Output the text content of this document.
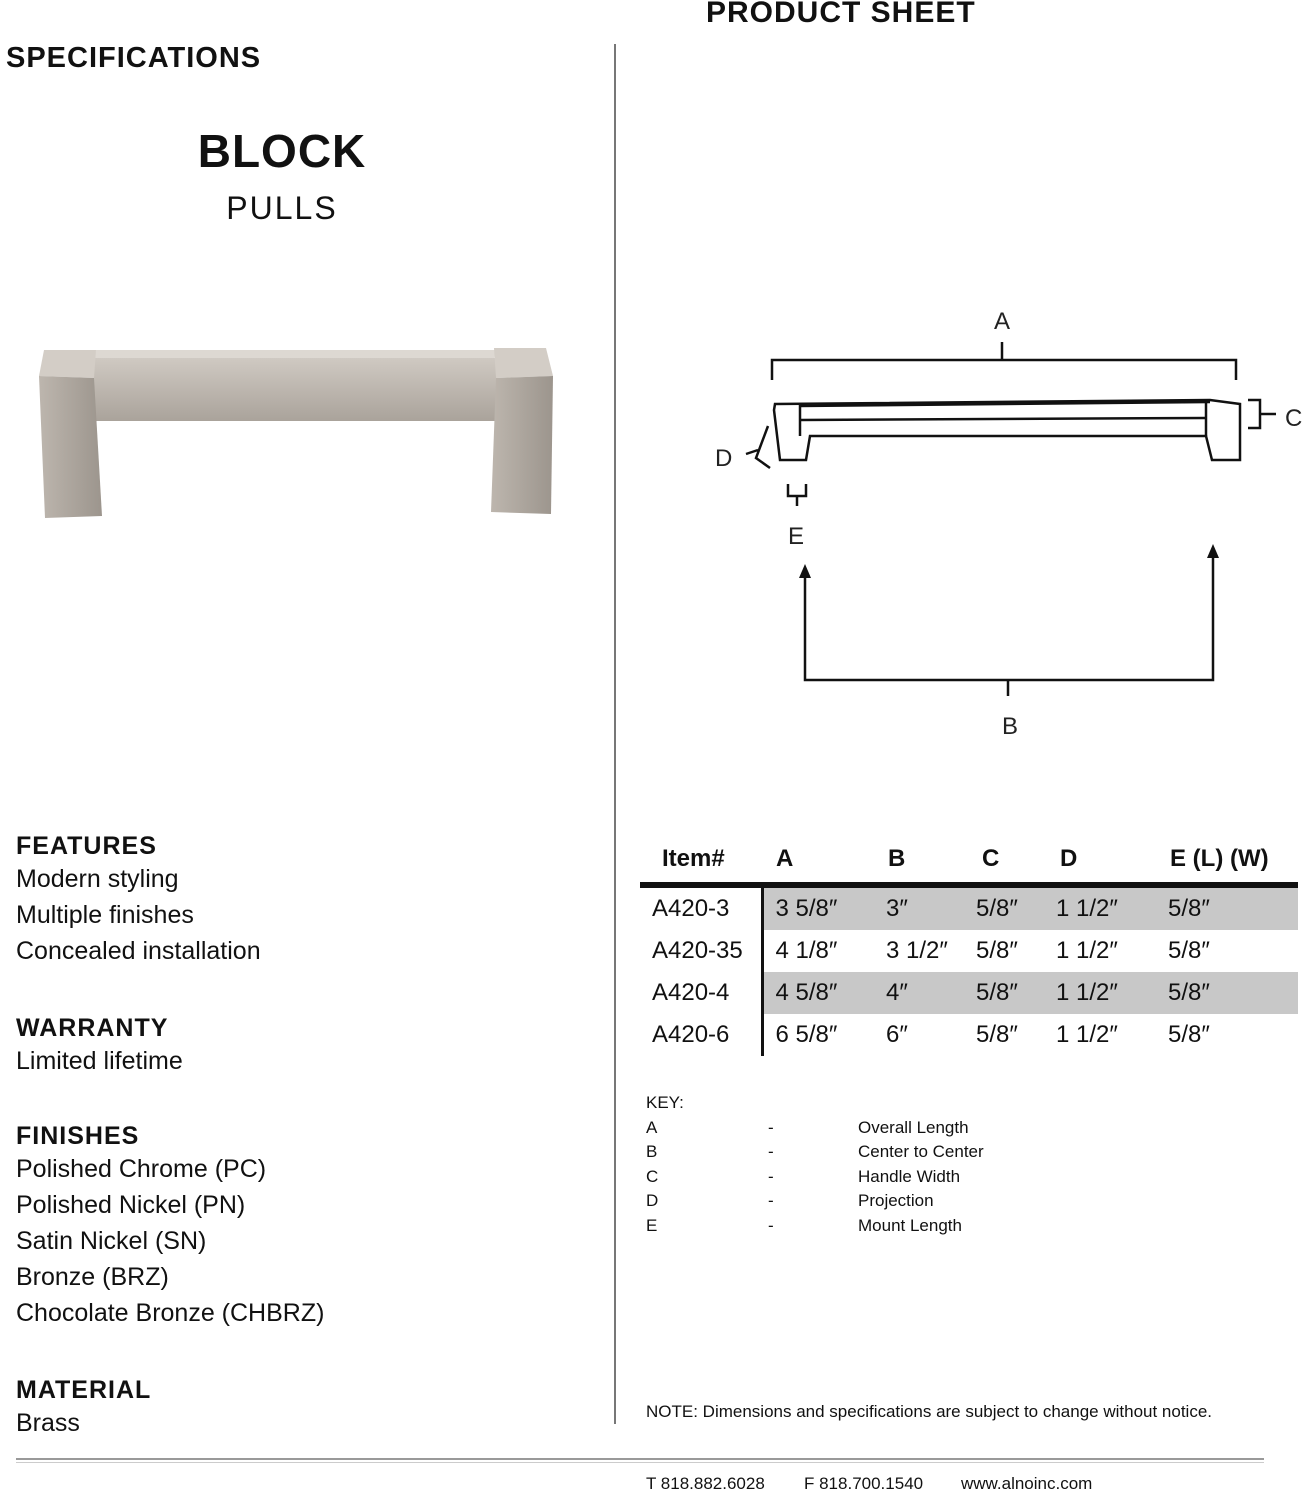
PRODUCT SHEET
SPECIFICATIONS
BLOCK
PULLS
FEATURES
Modern styling
Multiple finishes
Concealed installation
WARRANTY
Limited lifetime
FINISHES
Polished Chrome (PC)
Polished Nickel (PN)
Satin Nickel (SN)
Bronze (BRZ)
Chocolate Bronze (CHBRZ)
MATERIAL
Brass
A
C
D
E
B
Item#	A	B	C	D	E (L) (W)
A420-3	3 5/8″	3″	5/8″	1 1/2″	5/8″
A420-35	4 1/8″	3 1/2″	5/8″	1 1/2″	5/8″
A420-4	4 5/8″	4″	5/8″	1 1/2″	5/8″
A420-6	6 5/8″	6″	5/8″	1 1/2″	5/8″
KEY:
A	-	Overall Length
B	-	Center to Center
C	-	Handle Width
D	-	Projection
E	-	Mount Length
NOTE: Dimensions and specifications are subject to change without notice.
T 818.882.6028 F 818.700.1540 www.alnoinc.com
